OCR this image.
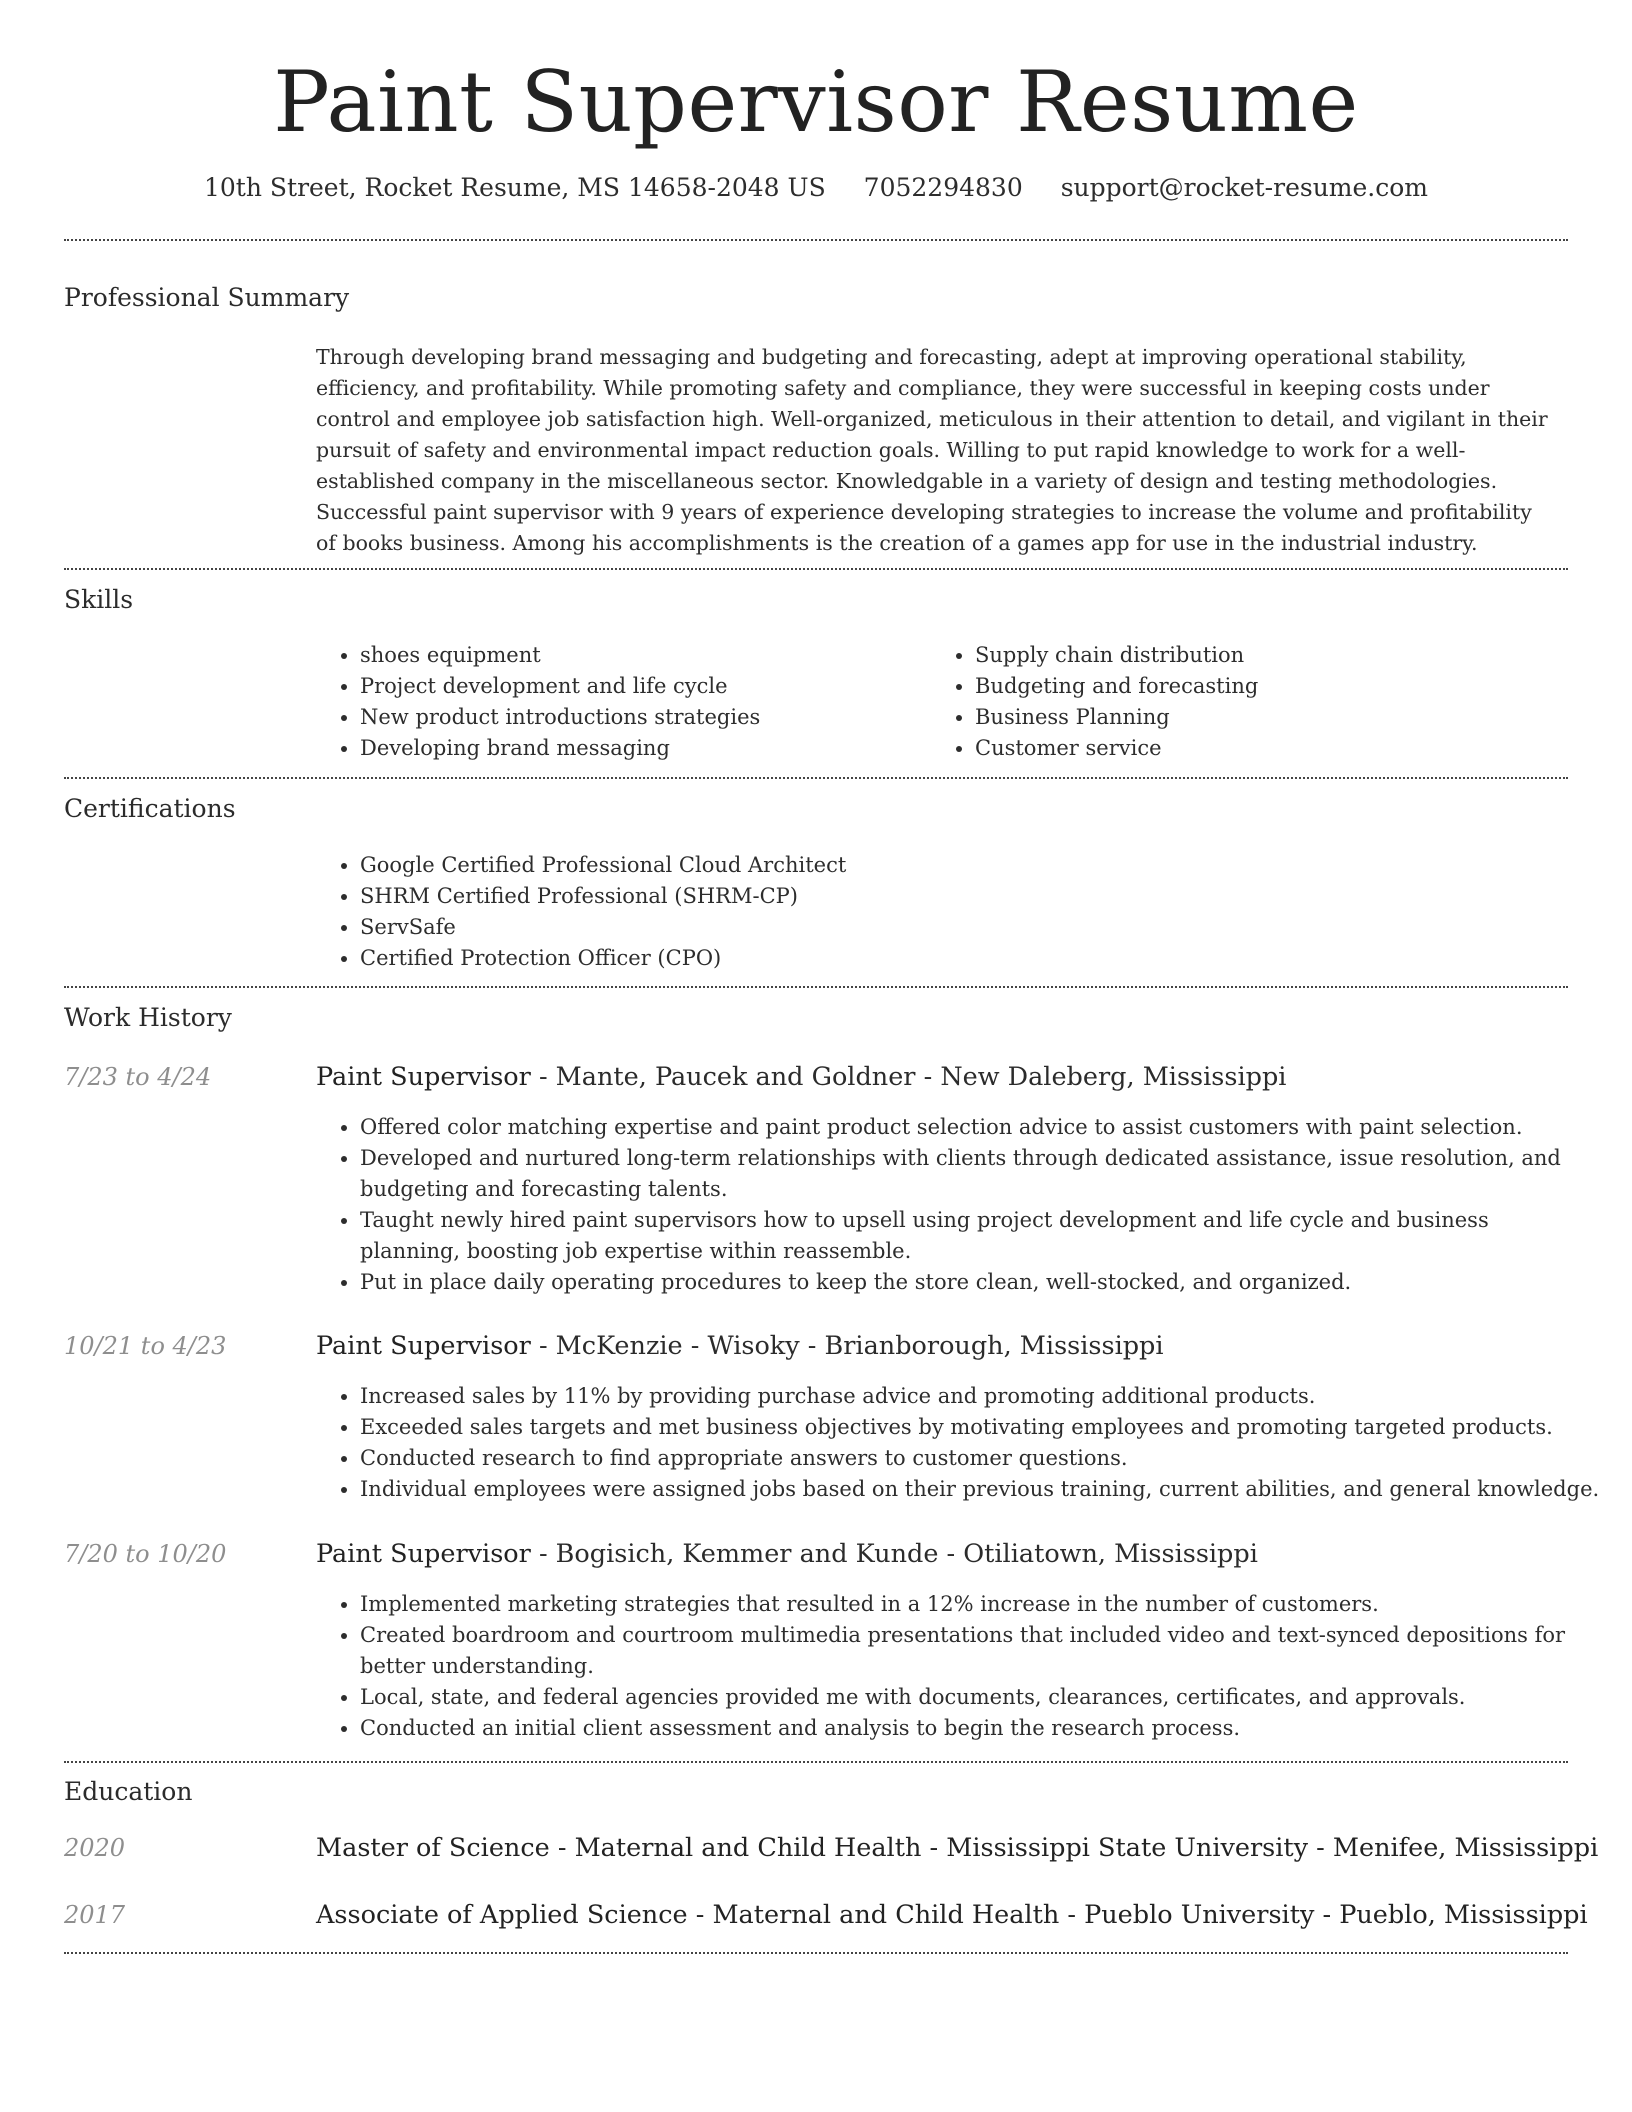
Paint Supervisor Resume
10th Street, Rocket Resume, MS 14658-2048 US 7052294830 support@rocket-resume.com
Professional Summary

Through developing brand messaging and budgeting and forecasting, adept at improving operational stability, efficiency, and profitability. While promoting safety and compliance, they were successful in keeping costs under control and employee job satisfaction high. Well-organized, meticulous in their attention to detail, and vigilant in their pursuit of safety and environmental impact reduction goals. Willing to put rapid knowledge to work for a well-established company in the miscellaneous sector. Knowledgable in a variety of design and testing methodologies. Successful paint supervisor with 9 years of experience developing strategies to increase the volume and profitability of books business. Among his accomplishments is the creation of a games app for use in the industrial industry.

Skills
• shoes equipment
• Project development and life cycle
• New product introductions strategies
• Developing brand messaging
• Supply chain distribution
• Budgeting and forecasting
• Business Planning
• Customer service
Certifications
• Google Certified Professional Cloud Architect
• SHRM Certified Professional (SHRM-CP)
• ServSafe
• Certified Protection Officer (CPO)
Work History
7/23 to 4/24	Paint Supervisor - Mante, Paucek and Goldner - New Daleberg, Mississippi
• Offered color matching expertise and paint product selection advice to assist customers with paint selection.
• Developed and nurtured long-term relationships with clients through dedicated assistance, issue resolution, and budgeting and forecasting talents.
• Taught newly hired paint supervisors how to upsell using project development and life cycle and business planning, boosting job expertise within reassemble.
• Put in place daily operating procedures to keep the store clean, well-stocked, and organized.
10/21 to 4/23	Paint Supervisor - McKenzie - Wisoky - Brianborough, Mississippi
• Increased sales by 11% by providing purchase advice and promoting additional products.
• Exceeded sales targets and met business objectives by motivating employees and promoting targeted products.
• Conducted research to find appropriate answers to customer questions.
• Individual employees were assigned jobs based on their previous training, current abilities, and general knowledge.
7/20 to 10/20	Paint Supervisor - Bogisich, Kemmer and Kunde - Otiliatown, Mississippi
• Implemented marketing strategies that resulted in a 12% increase in the number of customers.
• Created boardroom and courtroom multimedia presentations that included video and text-synced depositions for better understanding.
• Local, state, and federal agencies provided me with documents, clearances, certificates, and approvals.
• Conducted an initial client assessment and analysis to begin the research process.
Education
2020	Master of Science - Maternal and Child Health - Mississippi State University - Menifee, Mississippi
2017	Associate of Applied Science - Maternal and Child Health - Pueblo University - Pueblo, Mississippi
